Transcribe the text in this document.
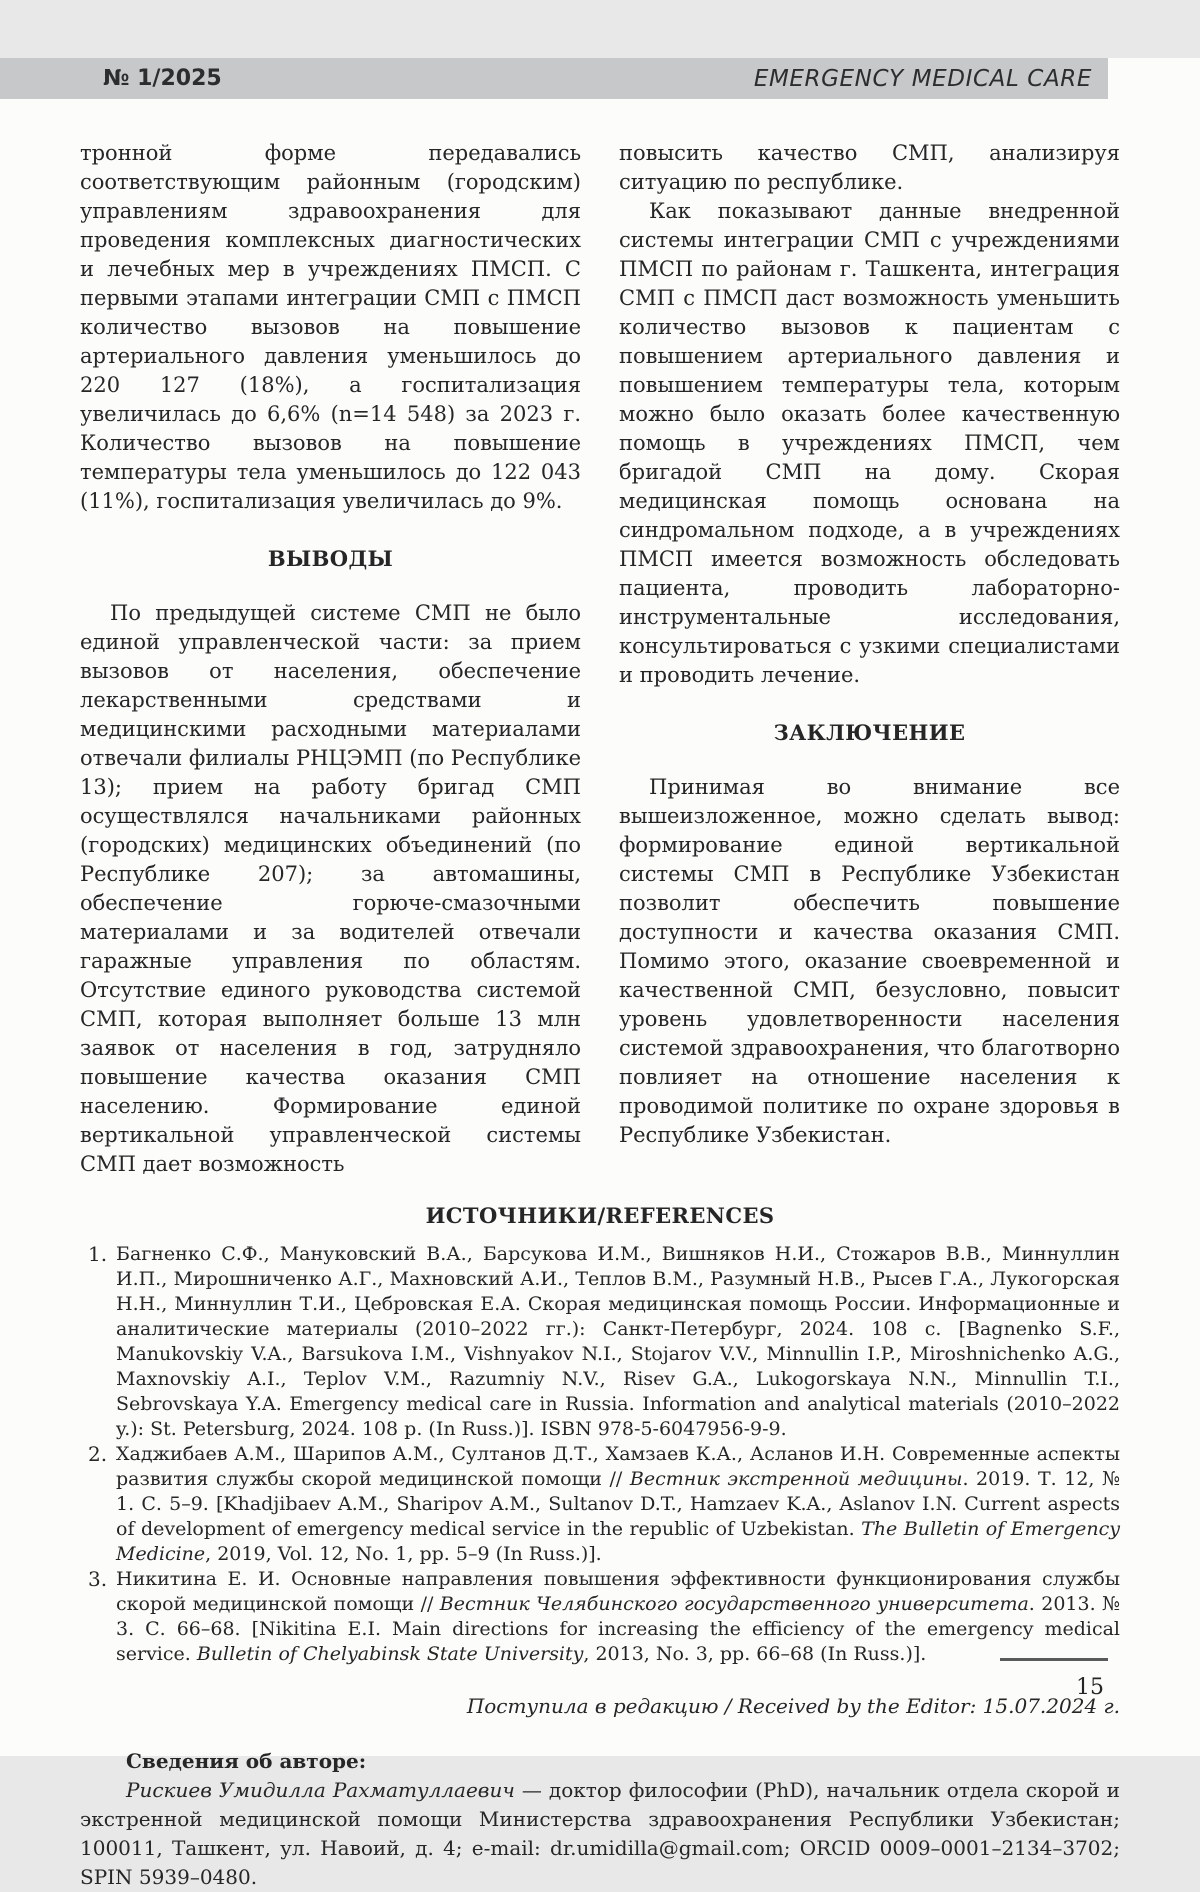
№ 1/2025	EMERGENCY MEDICAL CARE

тронной форме передавались соответствующим районным (городским) управлениям здравоохранения для проведения комплексных диагностических и лечебных мер в учреждениях ПМСП. С первыми этапами интеграции СМП с ПМСП количество вызовов на повышение артериального давления уменьшилось до 220 127 (18%), а госпитализация увеличилась до 6,6% (n=14 548) за 2023 г. Количество вызовов на повышение температуры тела уменьшилось до 122 043 (11%), госпитализация увеличилась до 9%.

ВЫВОДЫ

По предыдущей системе СМП не было единой управленческой части: за прием вызовов от населения, обеспечение лекарственными средствами и медицинскими расходными материалами отвечали филиалы РНЦЭМП (по Республике 13); прием на работу бригад СМП осуществлялся начальниками районных (городских) медицинских объединений (по Республике 207); за автомашины, обеспечение горюче-смазочными материалами и за водителей отвечали гаражные управления по областям. Отсутствие единого руководства системой СМП, которая выполняет больше 13 млн заявок от населения в год, затрудняло повышение качества оказания СМП населению. Формирование единой вертикальной управленческой системы СМП дает возможность

повысить качество СМП, анализируя ситуацию по республике.

Как показывают данные внедренной системы интеграции СМП с учреждениями ПМСП по районам г. Ташкента, интеграция СМП с ПМСП даст возможность уменьшить количество вызовов к пациентам с повышением артериального давления и повышением температуры тела, которым можно было оказать более качественную помощь в учреждениях ПМСП, чем бригадой СМП на дому. Скорая медицинская помощь основана на синдромальном подходе, а в учреждениях ПМСП имеется возможность обследовать пациента, проводить лабораторно-инструментальные исследования, консультироваться с узкими специалистами и проводить лечение.

ЗАКЛЮЧЕНИЕ

Принимая во внимание все вышеизложенное, можно сделать вывод: формирование единой вертикальной системы СМП в Республике Узбекистан позволит обеспечить повышение доступности и качества оказания СМП. Помимо этого, оказание своевременной и качественной СМП, безусловно, повысит уровень удовлетворенности населения системой здравоохранения, что благотворно повлияет на отношение населения к проводимой политике по охране здоровья в Республике Узбекистан.

ИСТОЧНИКИ/REFERENCES
1. Багненко С.Ф., Мануковский В.А., Барсукова И.М., Вишняков Н.И., Стожаров В.В., Миннуллин И.П., Мирошниченко А.Г., Махновский А.И., Теплов В.М., Разумный Н.В., Рысев Г.А., Лукогорская Н.Н., Миннуллин Т.И., Цебровская Е.А. Скорая медицинская помощь России. Информационные и аналитические материалы (2010–2022 гг.): Санкт-Петербург, 2024. 108 с. [Bagnenko S.F., Manukovskiy V.A., Barsukova I.M., Vishnyakov N.I., Stojarov V.V., Minnullin I.P., Miroshnichenko A.G., Maxnovskiy A.I., Teplov V.M., Razumniy N.V., Risev G.A., Lukogorskaya N.N., Minnullin T.I., Sebrovskaya Y.A. Emergency medical care in Russia. Information and analytical materials (2010–2022 y.): St. Petersburg, 2024. 108 p. (In Russ.)]. ISBN 978-5-6047956-9-9.

2. Хаджибаев А.М., Шарипов А.М., Султанов Д.Т., Хамзаев К.А., Асланов И.Н. Современные аспекты развития службы скорой медицинской помощи // Вестник экстренной медицины. 2019. Т. 12, № 1. С. 5–9. [Khadjibaev A.M., Sharipov A.M., Sultanov D.T., Hamzaev K.A., Aslanov I.N. Current aspects of development of emergency medical service in the republic of Uzbekistan. The Bulletin of Emergency Medicine, 2019, Vol. 12, No. 1, pp. 5–9 (In Russ.)].

3. Никитина Е. И. Основные направления повышения эффективности функционирования службы скорой медицинской помощи // Вестник Челябинского государственного университета. 2013. № 3. С. 66–68. [Nikitina E.I. Main directions for increasing the efficiency of the emergency medical service. Bulletin of Chelyabinsk State University, 2013, No. 3, pp. 66–68 (In Russ.)].

Поступила в редакцию / Received by the Editor: 15.07.2024 г.

Сведения об авторе:

Рискиев Умидилла Рахматуллаевич — доктор философии (PhD), начальник отдела скорой и экстренной медицинской помощи Министерства здравоохранения Республики Узбекистан; 100011, Ташкент, ул. Навоий, д. 4; e-mail: dr.umidilla@gmail.com; ORCID 0009–0001–2134–3702; SPIN 5939–0480.

15
